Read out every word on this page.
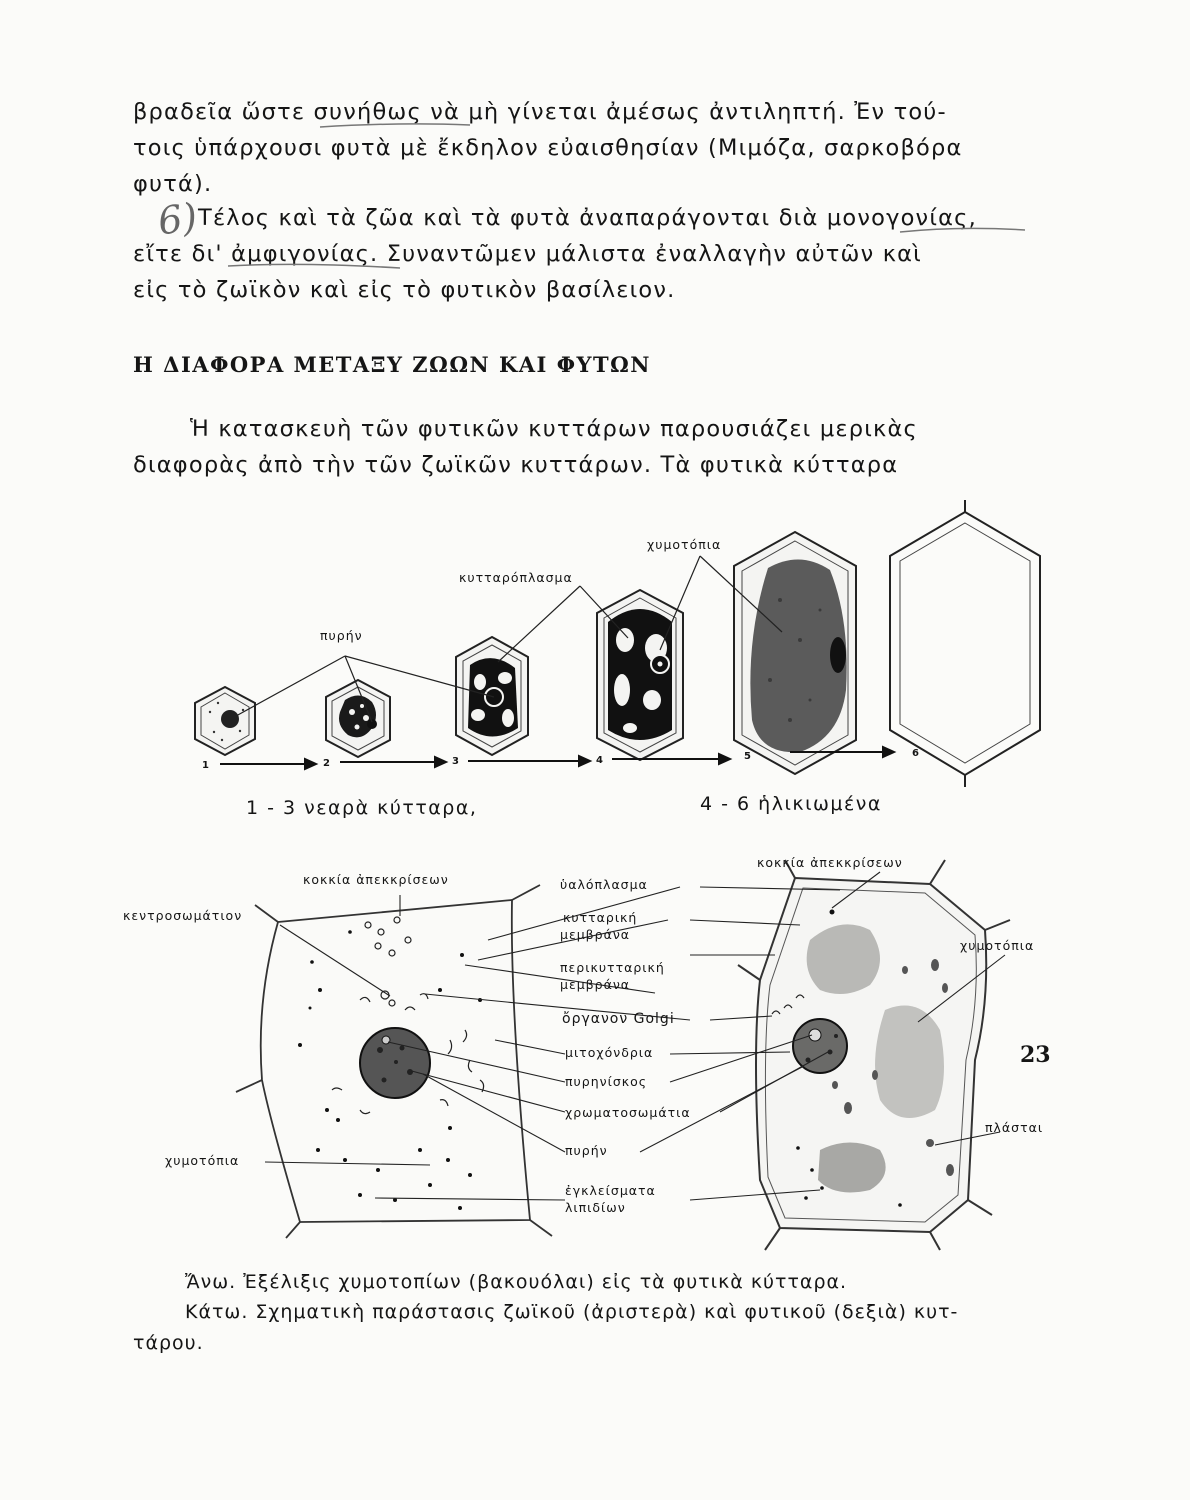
βραδεῖα ὥστε συνήθως νὰ μὴ γίνεται ἀμέσως ἀντιληπτή. Ἐν τού-
τοις ὑπάρχουσι φυτὰ μὲ ἔκδηλον εὐαισθησίαν (Μιμόζα, σαρκοβόρα
φυτά).
6)
Τέλος καὶ τὰ ζῶα καὶ τὰ φυτὰ ἀναπαράγονται διὰ μονογονίας,
εἴτε δι' ἀμφιγονίας. Συναντῶμεν μάλιστα ἐναλλαγὴν αὐτῶν καὶ
εἰς τὸ ζωϊκὸν καὶ εἰς τὸ φυτικὸν βασίλειον.
Η ΔΙΑΦΟΡΑ ΜΕΤΑΞΥ ΖΩΩΝ ΚΑΙ ΦΥΤΩΝ
Ἡ κατασκευὴ τῶν φυτικῶν κυττάρων παρουσιάζει μερικὰς
διαφορὰς ἀπὸ τὴν τῶν ζωϊκῶν κυττάρων. Τὰ φυτικὰ κύτταρα
χυμοτόπια
κυτταρόπλασμα
πυρήν
1	2	3	4	5	6
1 - 3 νεαρὰ κύτταρα,	4 - 6 ἡλικιωμένα
κοκκία ἀπεκκρίσεων
κεντροσωμάτιον
χυμοτόπια
ὑαλόπλασμα
κυτταρική
μεμβράνα
περικυτταρική
μεμβράνα
ὄργανον Golgi
μιτοχόνδρια
πυρηνίσκος
χρωματοσωμάτια
πυρήν
ἐγκλείσματα
λιπιδίων
κοκκία ἀπεκκρίσεων
χυμοτόπια
πλάσται
Ἄνω. Ἐξέλιξις χυμοτοπίων (βακουόλαι) εἰς τὰ φυτικὰ κύτταρα.
Κάτω. Σχηματικὴ παράστασις ζωϊκοῦ (ἀριστερὰ) καὶ φυτικοῦ (δεξιὰ) κυτ-
τάρου.
23
